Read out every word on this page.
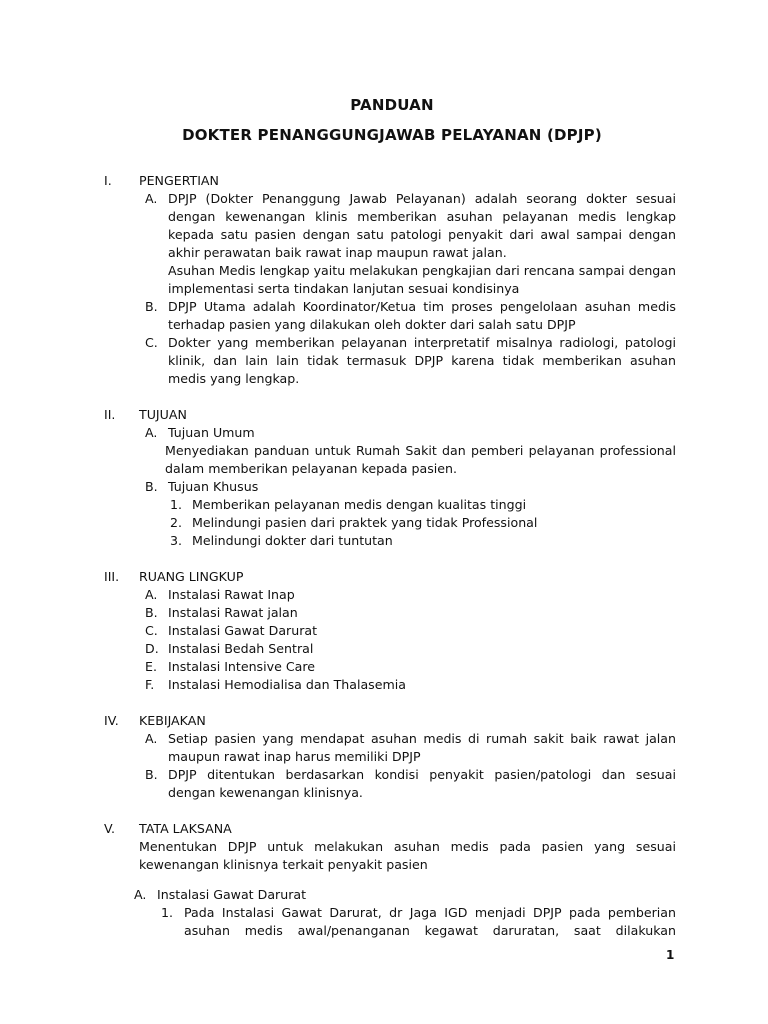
PANDUAN
DOKTER PENANGGUNGJAWAB PELAYANAN (DPJP)
I. PENGERTIAN
A. DPJP (Dokter Penanggung Jawab Pelayanan) adalah seorang dokter sesuai
dengan kewenangan klinis memberikan asuhan pelayanan medis lengkap
kepada satu pasien dengan satu patologi penyakit dari awal sampai dengan
akhir perawatan baik rawat inap maupun rawat jalan.
Asuhan Medis lengkap yaitu melakukan pengkajian dari rencana sampai dengan
implementasi serta tindakan lanjutan sesuai kondisinya
B. DPJP Utama adalah Koordinator/Ketua tim proses pengelolaan asuhan medis
terhadap pasien yang dilakukan oleh dokter dari salah satu DPJP
C. Dokter yang memberikan pelayanan interpretatif misalnya radiologi, patologi
klinik, dan lain lain tidak termasuk DPJP karena tidak memberikan asuhan
medis yang lengkap.
II. TUJUAN
A. Tujuan Umum
Menyediakan panduan untuk Rumah Sakit dan pemberi pelayanan professional
dalam memberikan pelayanan kepada pasien.
B. Tujuan Khusus
1. Memberikan pelayanan medis dengan kualitas tinggi
2. Melindungi pasien dari praktek yang tidak Professional
3. Melindungi dokter dari tuntutan
III. RUANG LINGKUP
A. Instalasi Rawat Inap
B. Instalasi Rawat jalan
C. Instalasi Gawat Darurat
D. Instalasi Bedah Sentral
E. Instalasi Intensive Care
F. Instalasi Hemodialisa dan Thalasemia
IV. KEBIJAKAN
A. Setiap pasien yang mendapat asuhan medis di rumah sakit baik rawat jalan
maupun rawat inap harus memiliki DPJP
B. DPJP ditentukan berdasarkan kondisi penyakit pasien/patologi dan sesuai
dengan kewenangan klinisnya.
V. TATA LAKSANA
Menentukan DPJP untuk melakukan asuhan medis pada pasien yang sesuai
kewenangan klinisnya terkait penyakit pasien
A. Instalasi Gawat Darurat
1. Pada Instalasi Gawat Darurat, dr Jaga IGD menjadi DPJP pada pemberian
asuhan medis awal/penanganan kegawat daruratan, saat dilakukan
1
